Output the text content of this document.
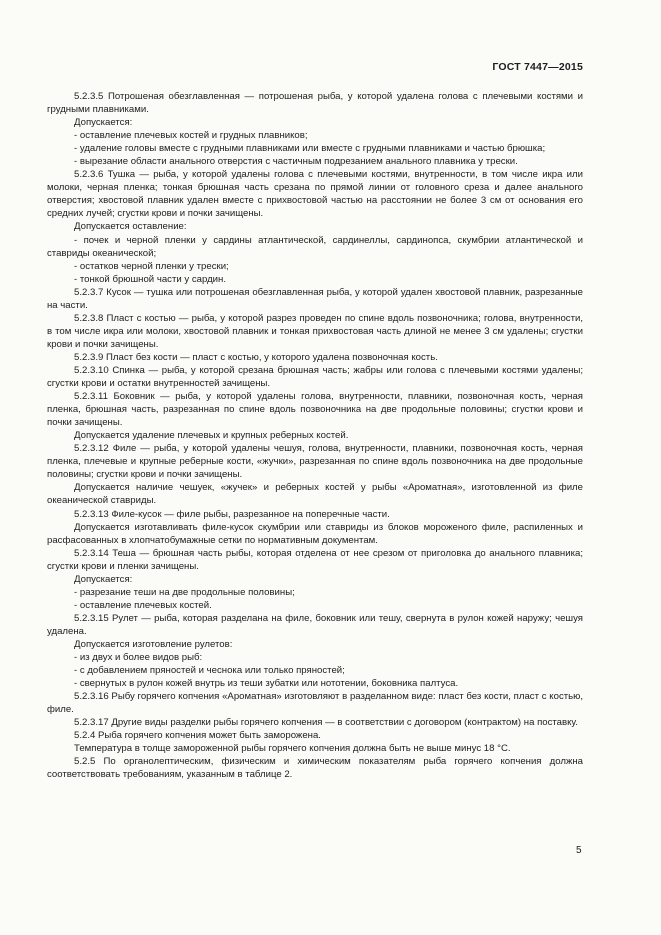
ГОСТ 7447—2015

5.2.3.5 Потрошеная обезглавленная — потрошеная рыба, у которой удалена голова с плечевыми костями и грудными плавниками.

Допускается:

- оставление плечевых костей и грудных плавников;

- удаление головы вместе с грудными плавниками или вместе с грудными плавниками и частью брюшка;

- вырезание области анального отверстия с частичным подрезанием анального плавника у трески.

5.2.3.6 Тушка — рыба, у которой удалены голова с плечевыми костями, внутренности, в том числе икра или молоки, черная пленка; тонкая брюшная часть срезана по прямой линии от головного среза и далее анального отверстия; хвостовой плавник удален вместе с прихвостовой частью на расстоянии не более 3 см от основания его средних лучей; сгустки крови и почки зачищены.

Допускается оставление:

- почек и черной пленки у сардины атлантической, сардинеллы, сардинопса, скумбрии атлантической и ставриды океанической;

- остатков черной пленки у трески;

- тонкой брюшной части у сардин.

5.2.3.7 Кусок — тушка или потрошеная обезглавленная рыба, у которой удален хвостовой плавник, разрезанные на части.

5.2.3.8 Пласт с костью — рыба, у которой разрез проведен по спине вдоль позвоночника; голова, внутренности, в том числе икра или молоки, хвостовой плавник и тонкая прихвостовая часть длиной не менее 3 см удалены; сгустки крови и почки зачищены.

5.2.3.9 Пласт без кости — пласт с костью, у которого удалена позвоночная кость.

5.2.3.10 Спинка — рыба, у которой срезана брюшная часть; жабры или голова с плечевыми костями удалены; сгустки крови и остатки внутренностей зачищены.

5.2.3.11 Боковник — рыба, у которой удалены голова, внутренности, плавники, позвоночная кость, черная пленка, брюшная часть, разрезанная по спине вдоль позвоночника на две продольные половины; сгустки крови и почки зачищены.

Допускается удаление плечевых и крупных реберных костей.

5.2.3.12 Филе — рыба, у которой удалены чешуя, голова, внутренности, плавники, позвоночная кость, черная пленка, плечевые и крупные реберные кости, «жучки», разрезанная по спине вдоль позвоночника на две продольные половины; сгустки крови и почки зачищены.

Допускается наличие чешуек, «жучек» и реберных костей у рыбы «Ароматная», изготовленной из филе океанической ставриды.

5.2.3.13 Филе-кусок — филе рыбы, разрезанное на поперечные части.

Допускается изготавливать филе-кусок скумбрии или ставриды из блоков мороженого филе, распиленных и расфасованных в хлопчатобумажные сетки по нормативным документам.

5.2.3.14 Теша — брюшная часть рыбы, которая отделена от нее срезом от приголовка до анального плавника; сгустки крови и пленки зачищены.

Допускается:

- разрезание теши на две продольные половины;

- оставление плечевых костей.

5.2.3.15 Рулет — рыба, которая разделана на филе, боковник или тешу, свернута в рулон кожей наружу; чешуя удалена.

Допускается изготовление рулетов:

- из двух и более видов рыб:

- с добавлением пряностей и чеснока или только пряностей;

- свернутых в рулон кожей внутрь из теши зубатки или нототении, боковника палтуса.

5.2.3.16 Рыбу горячего копчения «Ароматная» изготовляют в разделанном виде: пласт без кости, пласт с костью, филе.

5.2.3.17 Другие виды разделки рыбы горячего копчения — в соответствии с договором (контрактом) на поставку.

5.2.4 Рыба горячего копчения может быть заморожена.

Температура в толще замороженной рыбы горячего копчения должна быть не выше минус 18 °С.

5.2.5 По органолептическим, физическим и химическим показателям рыба горячего копчения должна соответствовать требованиям, указанным в таблице 2.

5
